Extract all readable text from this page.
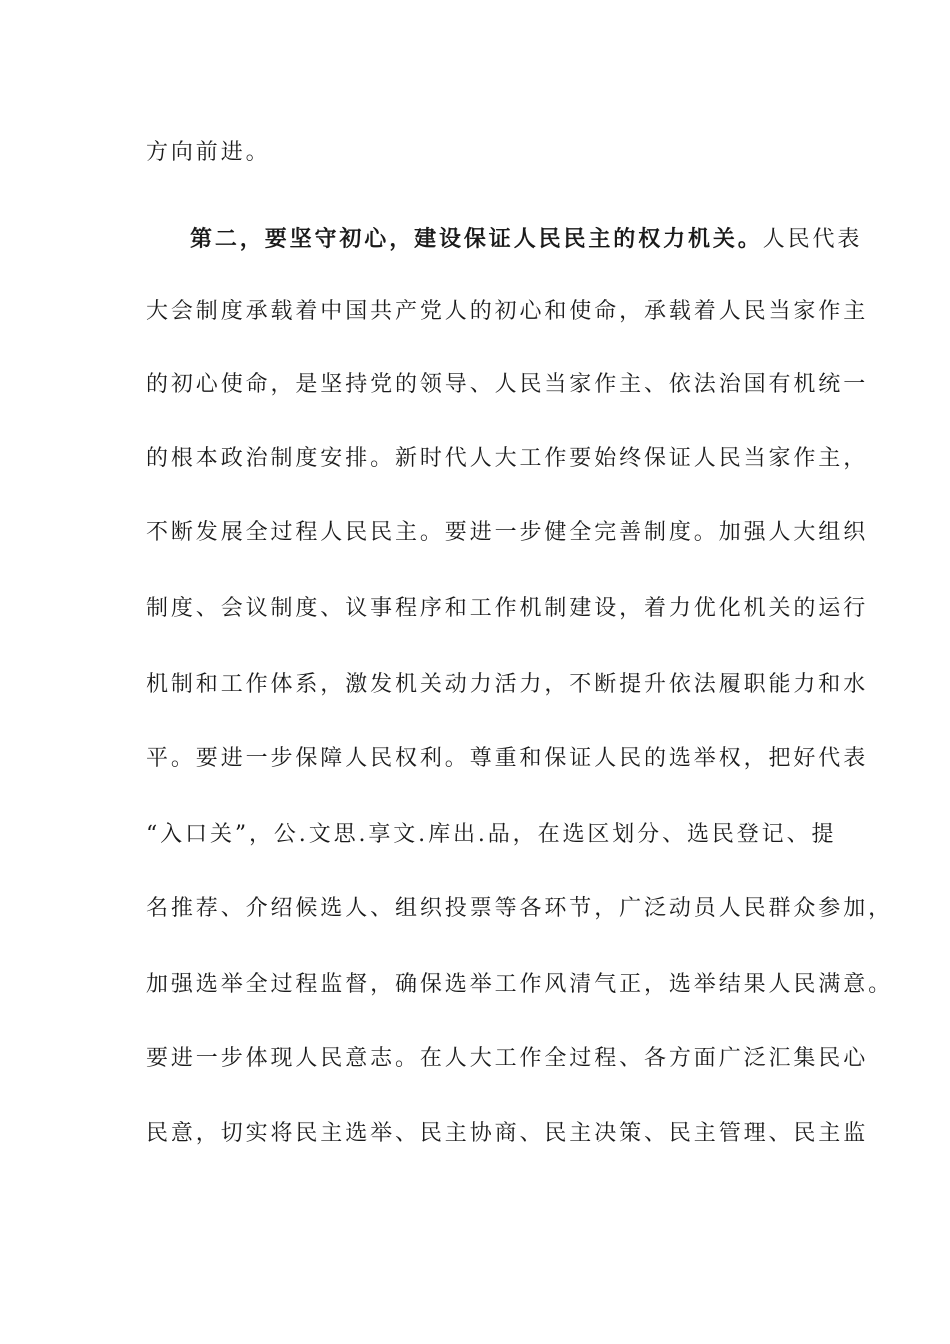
方向前进。
第二，要坚守初心，建设保证人民民主的权力机关。人民代表
大会制度承载着中国共产党人的初心和使命，承载着人民当家作主
的初心使命，是坚持党的领导、人民当家作主、依法治国有机统一
的根本政治制度安排。新时代人大工作要始终保证人民当家作主，
不断发展全过程人民民主。要进一步健全完善制度。加强人大组织
制度、会议制度、议事程序和工作机制建设，着力优化机关的运行
机制和工作体系，激发机关动力活力，不断提升依法履职能力和水
平。要进一步保障人民权利。尊重和保证人民的选举权，把好代表
“入口关”，公.文思.享文.库出.品，在选区划分、选民登记、提
名推荐、介绍候选人、组织投票等各环节，广泛动员人民群众参加，
加强选举全过程监督，确保选举工作风清气正，选举结果人民满意。
要进一步体现人民意志。在人大工作全过程、各方面广泛汇集民心
民意，切实将民主选举、民主协商、民主决策、民主管理、民主监
